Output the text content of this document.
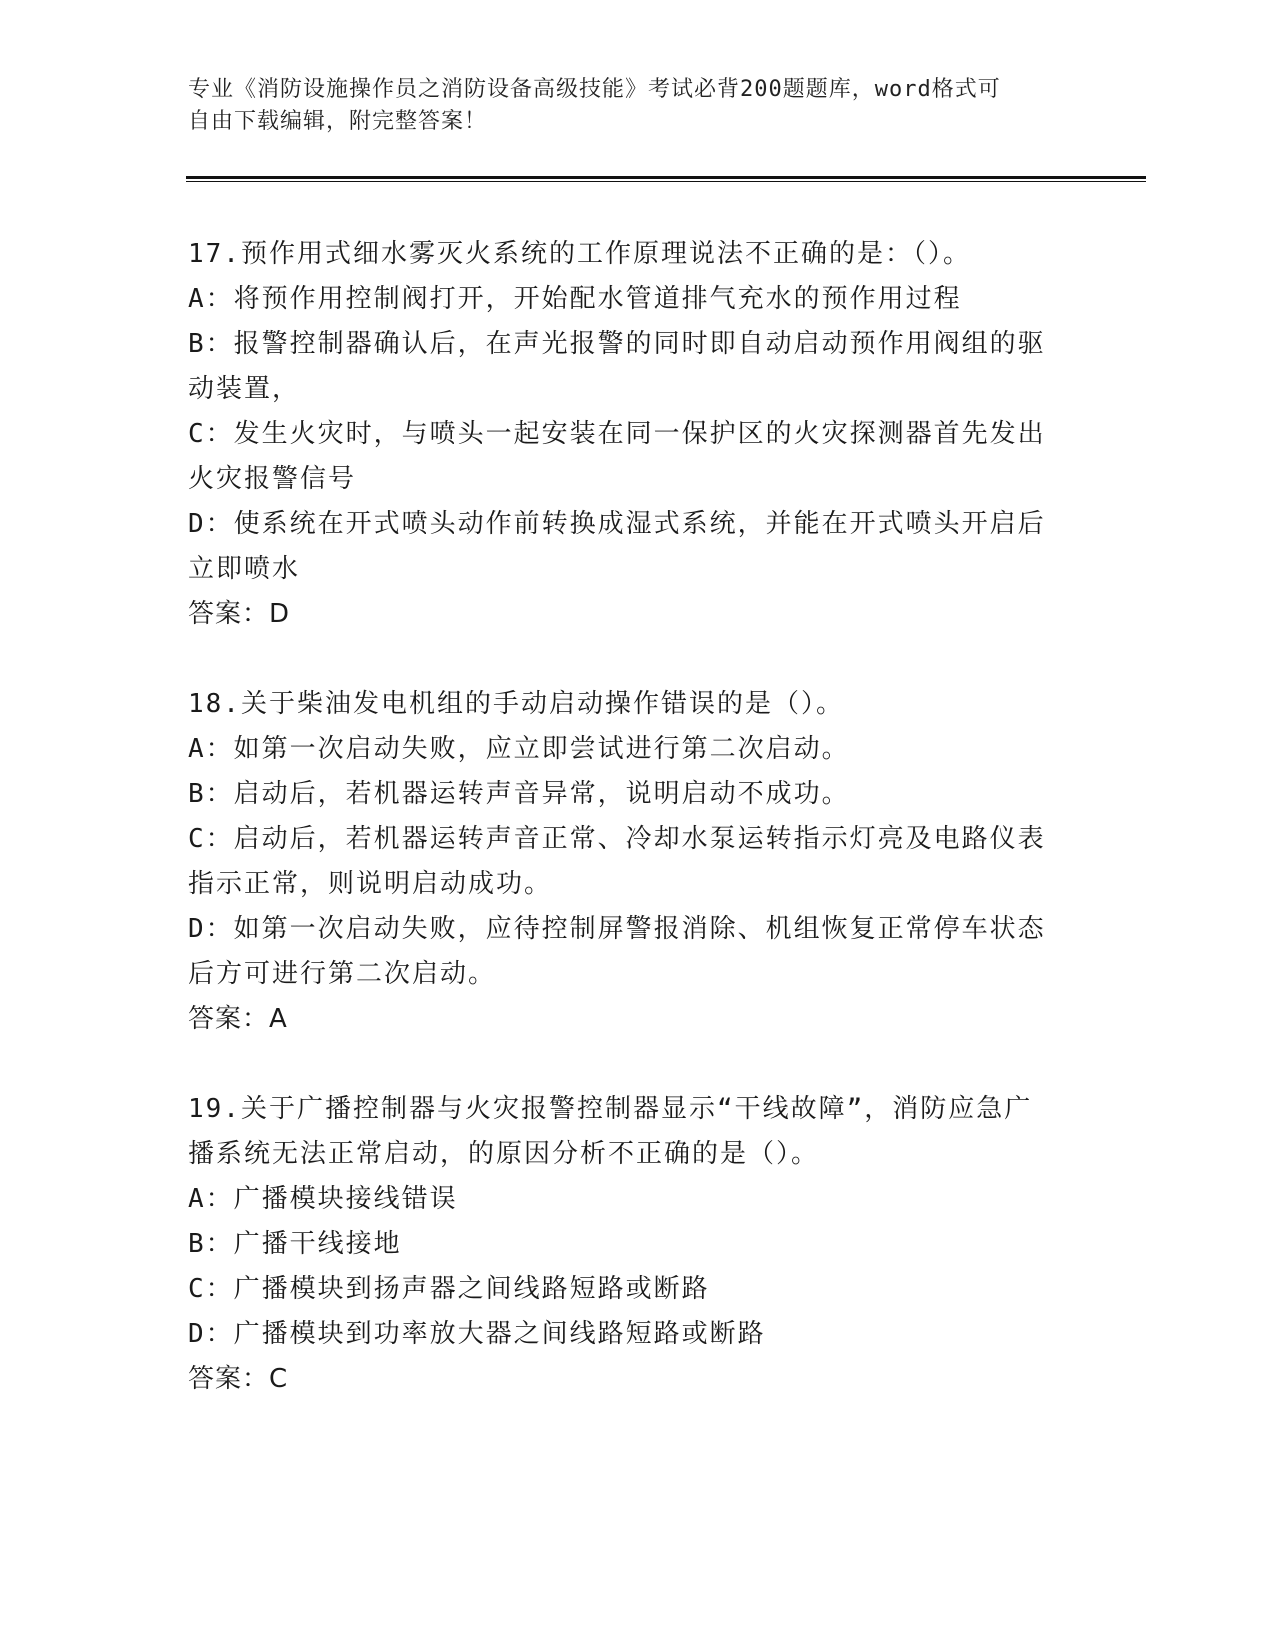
专业《消防设施操作员之消防设备高级技能》考试必背200题题库，word格式可
自由下载编辑，附完整答案！
17.预作用式细水雾灭火系统的工作原理说法不正确的是：（）。
A：将预作用控制阀打开，开始配水管道排气充水的预作用过程
B：报警控制器确认后，在声光报警的同时即自动启动预作用阀组的驱
动装置，
C：发生火灾时，与喷头一起安装在同一保护区的火灾探测器首先发出
火灾报警信号
D：使系统在开式喷头动作前转换成湿式系统，并能在开式喷头开启后
立即喷水
答案：D
18.关于柴油发电机组的手动启动操作错误的是（）。
A：如第一次启动失败，应立即尝试进行第二次启动。
B：启动后，若机器运转声音异常，说明启动不成功。
C：启动后，若机器运转声音正常、冷却水泵运转指示灯亮及电路仪表
指示正常，则说明启动成功。
D：如第一次启动失败，应待控制屏警报消除、机组恢复正常停车状态
后方可进行第二次启动。
答案：A
19.关于广播控制器与火灾报警控制器显示“干线故障”，消防应急广
播系统无法正常启动，的原因分析不正确的是（）。
A：广播模块接线错误
B：广播干线接地
C：广播模块到扬声器之间线路短路或断路
D：广播模块到功率放大器之间线路短路或断路
答案：C
